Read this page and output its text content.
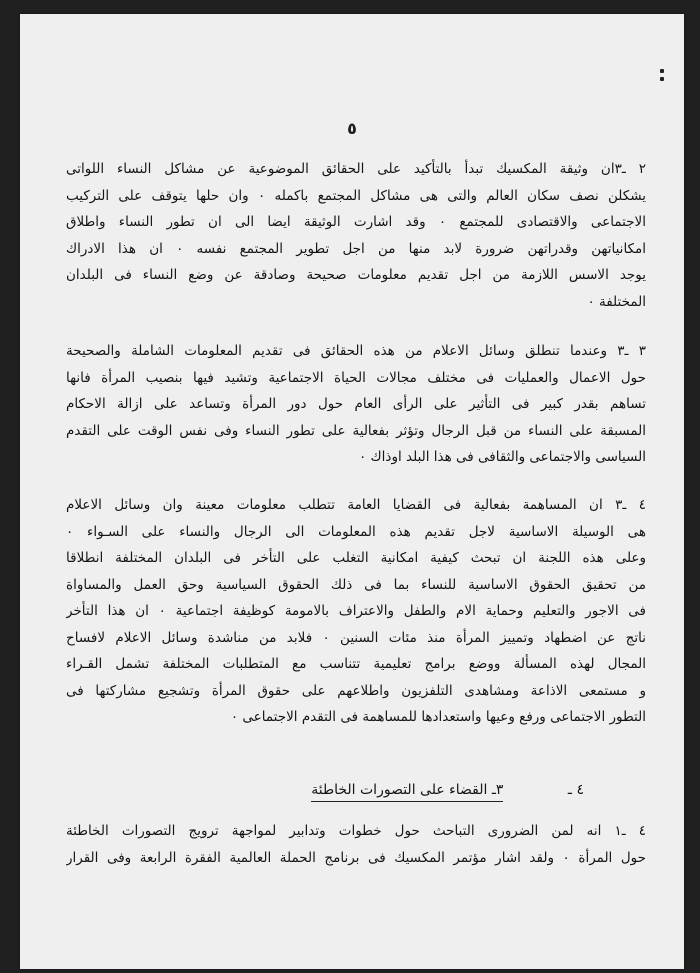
٥
٢ ـ٣ان وثيقة المكسيك تبدأ بالتأكيد على الحقائق الموضوعية عن مشاكل النساء اللواتى
يشكلن نصف سكان العالم والتى هى مشاكل المجتمع باكمله ٠ وان حلها يتوقف على التركيب
الاجتماعى والاقتصادى للمجتمع ٠ وقد اشارت الوثيقة ايضا الى ان تطور النساء واطلاق
امكانياتهن وقدراتهن ضرورة لابد منها من اجل تطوير المجتمع نفسه ٠ ان هذا الادراك
يوجد الاسس اللازمة من اجل تقديم معلومات صحيحة وصادقة عن وضع النساء فى البلدان
المختلفة ٠
٣ ـ٣ وعندما تنطلق وسائل الاعلام من هذه الحقائق فى تقديم المعلومات الشاملة والصحيحة
حول الاعمال والعمليات فى مختلف مجالات الحياة الاجتماعية وتشيد فيها بنصيب المرأة فانها
تساهم بقدر كبير فى التأثير على الرأى العام حول دور المرأة وتساعد على ازالة الاحكام
المسبقة على النساء من قبل الرجال وتؤثر بفعالية على تطور النساء وفى نفس الوقت على التقدم
السياسى والاجتماعى والثقافى فى هذا البلد اوذاك ٠
٤ ـ٣ ان المساهمة بفعالية فى القضايا العامة تتطلب معلومات معينة وان وسائل الاعلام
هى الوسيلة الاساسية لاجل تقديم هذه المعلومات الى الرجال والنساء على السـواء ٠
وعلى هذه اللجنة ان تبحث كيفية امكانية التغلب على التأخر فى البلدان المختلفة انطلاقا
من تحقيق الحقوق الاساسية للنساء بما فى ذلك الحقوق السياسية وحق العمل والمساواة
فى الاجور والتعليم وحماية الام والطفل والاعتراف بالامومة كوظيفة اجتماعية ٠ ان هذا التأخر
ناتج عن اضطهاد وتمييز المرأة منذ مئات السنين ٠ فلابد من مناشدة وسائل الاعلام لافساح
المجال لهذه المسألة ووضع برامج تعليمية تتناسب مع المتطلبات المختلفة تشمل القـراء
و مستمعى الاذاعة ومشاهدى التلفزيون واطلاعهم على حقوق المرأة وتشجيع مشاركتها فى
التطور الاجتماعى ورفع وعيها واستعدادها للمساهمة فى التقدم الاجتماعى ٠
٤ ـ ٣ـ القضاء على التصورات الخاطئة
٤ ـ١ انه لمن الضرورى التباحث حول خطوات وتدابير لمواجهة ترويج التصورات الخاطئة
حول المرأة ٠ ولقد اشار مؤتمر المكسيك فى برنامج الحملة العالمية الفقرة الرابعة وفى القرار
